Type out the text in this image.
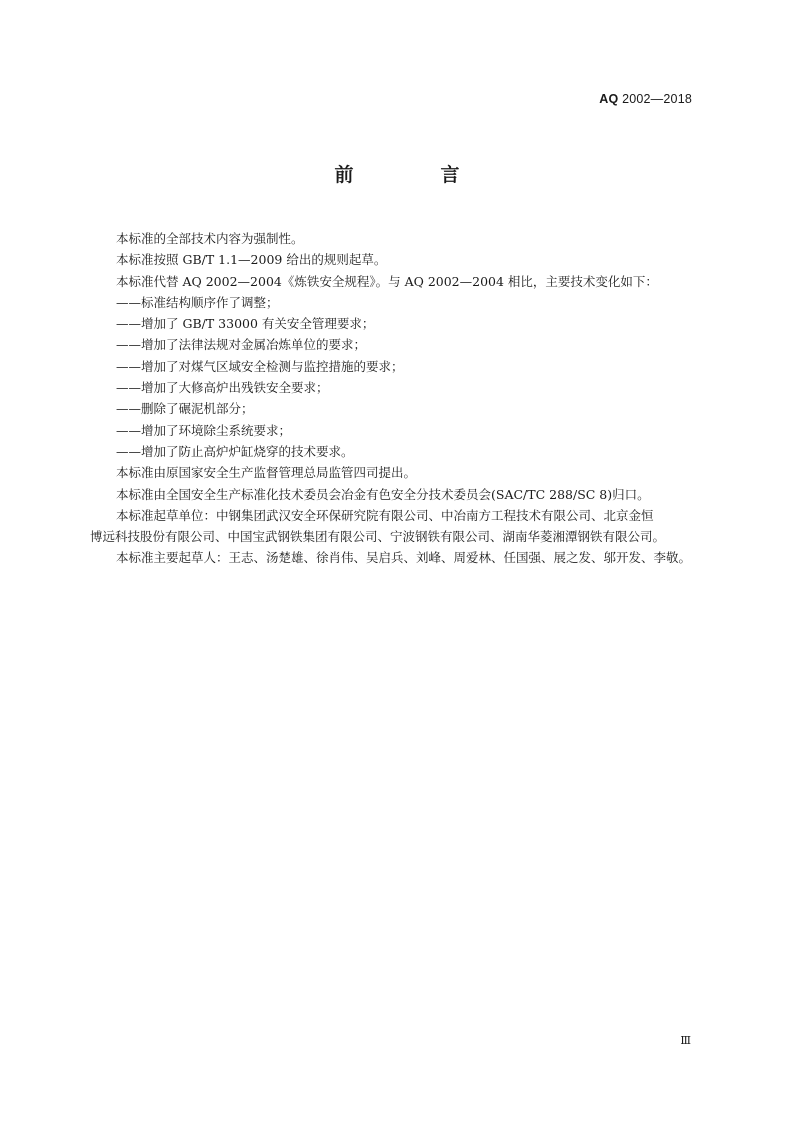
AQ 2002—2018
前　言

本标准的全部技术内容为强制性。

本标准按照 GB/T 1.1—2009 给出的规则起草。

本标准代替 AQ 2002—2004《炼铁安全规程》。与 AQ 2002—2004 相比，主要技术变化如下：

——标准结构顺序作了调整；

——增加了 GB/T 33000 有关安全管理要求；

——增加了法律法规对金属冶炼单位的要求；

——增加了对煤气区域安全检测与监控措施的要求；

——增加了大修高炉出残铁安全要求；

——删除了碾泥机部分；

——增加了环境除尘系统要求；

——增加了防止高炉炉缸烧穿的技术要求。

本标准由原国家安全生产监督管理总局监管四司提出。

本标准由全国安全生产标准化技术委员会冶金有色安全分技术委员会(SAC/TC 288/SC 8)归口。

本标准起草单位：中钢集团武汉安全环保研究院有限公司、中冶南方工程技术有限公司、北京金恒

博远科技股份有限公司、中国宝武钢铁集团有限公司、宁波钢铁有限公司、湖南华菱湘潭钢铁有限公司。

本标准主要起草人：王志、汤楚雄、徐肖伟、吴启兵、刘峰、周爱林、任国强、展之发、邬开发、李敬。

Ⅲ
